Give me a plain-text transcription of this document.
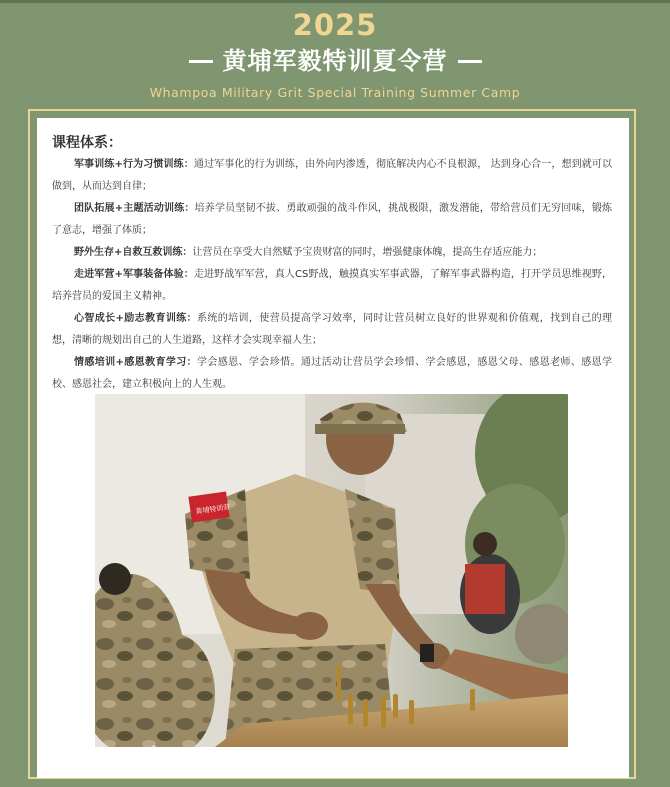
2025
黄埔军毅特训夏令营
Whampoa Military Grit Special Training Summer Camp
课程体系：

军事训练+行为习惯训练：通过军事化的行为训练，由外向内渗透，彻底解决内心不良根源， 达到身心合一，想到就可以做到，从而达到自律；

团队拓展+主题活动训练：培养学员坚韧不拔、勇敢顽强的战斗作风，挑战极限，激发潜能，带给营员们无穷回味，锻炼了意志，增强了体质；

野外生存+自救互救训练：让营员在享受大自然赋予宝贵财富的同时，增强健康体魄，提高生存适应能力；

走进军营+军事装备体验：走进野战军军营，真人CS野战，触摸真实军事武器，了解军事武器构造，打开学员思维视野，培养营员的爱国主义精神。

心智成长+励志教育训练：系统的培训，使营员提高学习效率，同时让营员树立良好的世界观和价值观，找到自己的理想，清晰的规划出自己的人生道路，这样才会实现幸福人生；

情感培训+感恩教育学习：学会感恩、学会珍惜。通过活动让营员学会珍惜、学会感恩，感恩父母、感恩老师、感恩学校、感恩社会，建立积极向上的人生观。

黄埔特训营
